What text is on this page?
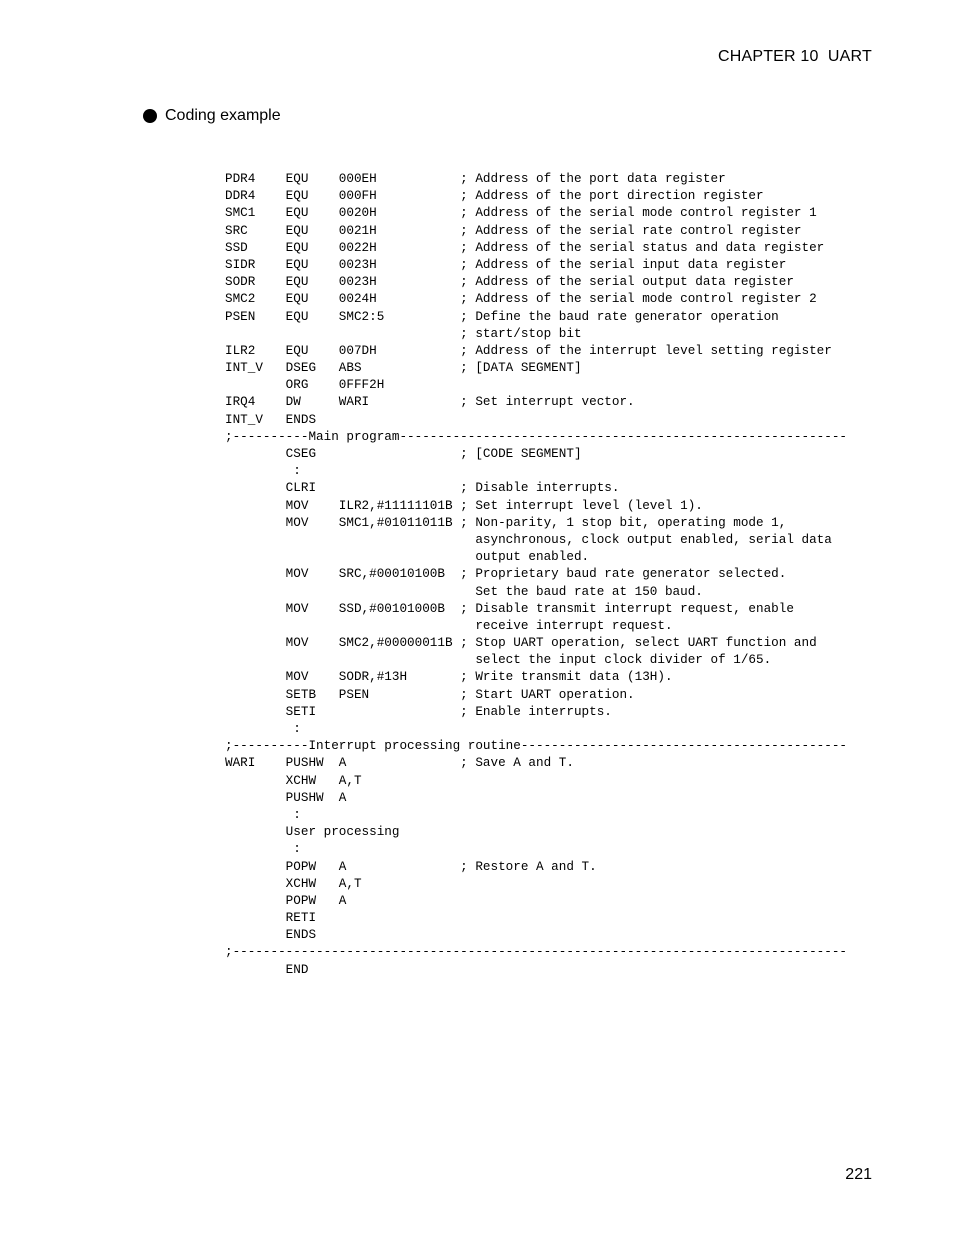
CHAPTER 10  UART
Coding example
PDR4    EQU    000EH           ; Address of the port data register
DDR4    EQU    000FH           ; Address of the port direction register
SMC1    EQU    0020H           ; Address of the serial mode control register 1
SRC     EQU    0021H           ; Address of the serial rate control register
SSD     EQU    0022H           ; Address of the serial status and data register
SIDR    EQU    0023H           ; Address of the serial input data register
SODR    EQU    0023H           ; Address of the serial output data register
SMC2    EQU    0024H           ; Address of the serial mode control register 2
PSEN    EQU    SMC2:5          ; Define the baud rate generator operation
; start/stop bit
ILR2    EQU    007DH           ; Address of the interrupt level setting register
INT_V   DSEG   ABS             ; [DATA SEGMENT]
ORG    0FFF2H
IRQ4    DW     WARI            ; Set interrupt vector.
INT_V   ENDS
;----------Main program-----------------------------------------------------------
CSEG                   ; [CODE SEGMENT]
:
CLRI                   ; Disable interrupts.
MOV    ILR2,#11111101B ; Set interrupt level (level 1).
MOV    SMC1,#01011011B ; Non-parity, 1 stop bit, operating mode 1,
asynchronous, clock output enabled, serial data
output enabled.
MOV    SRC,#00010100B  ; Proprietary baud rate generator selected.
Set the baud rate at 150 baud.
MOV    SSD,#00101000B  ; Disable transmit interrupt request, enable
receive interrupt request.
MOV    SMC2,#00000011B ; Stop UART operation, select UART function and
select the input clock divider of 1/65.
MOV    SODR,#13H       ; Write transmit data (13H).
SETB   PSEN            ; Start UART operation.
SETI                   ; Enable interrupts.
:
;----------Interrupt processing routine-------------------------------------------
WARI    PUSHW  A               ; Save A and T.
XCHW   A,T
PUSHW  A
:
User processing
:
POPW   A               ; Restore A and T.
XCHW   A,T
POPW   A
RETI
ENDS
;---------------------------------------------------------------------------------
END
221
